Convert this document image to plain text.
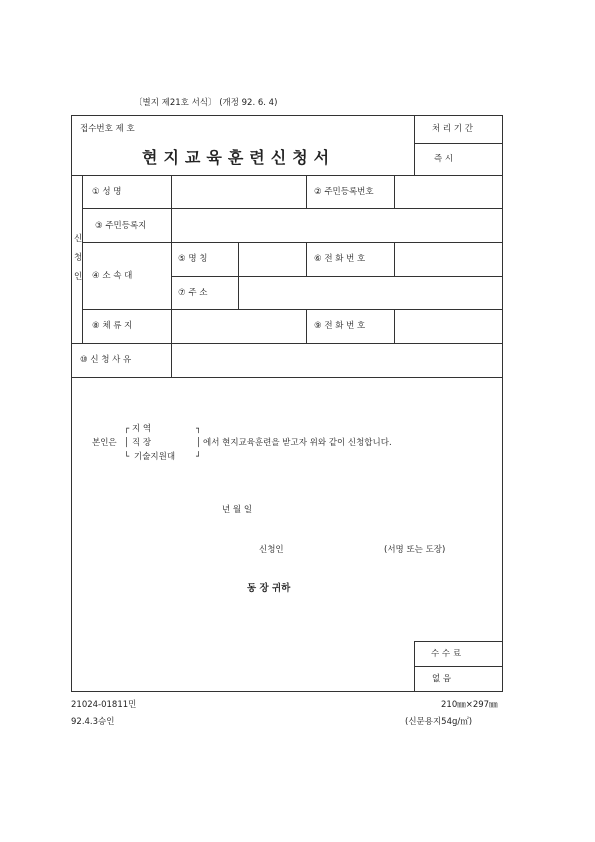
〔별지 제21호 서식〕 (개정 92. 6. 4)
접수번호 제 호
현지교육훈련신청서
처 리 기 간
즉 시
신
청
인
① 성 명	② 주민등록번호
③ 주민등록지
④ 소 속 대
⑤ 명 칭	⑥ 전 화 번 호
⑦ 주 소
⑧ 체 류 지	⑨ 전 화 번 호
⑩ 신 청 사 유
본인은
┌ 지 역	┐
│ 직 장	│ 에서 현지교육훈련을 받고자 위와 같이 신청합니다.
└ 기술지원대 ┘
년 월 일
신청인	(서명 또는 도장)
동 장 귀하
수 수 료
없 음
21024-01811민
92.4.3승인
210㎜×297㎜
(신문용지54g/㎡)
